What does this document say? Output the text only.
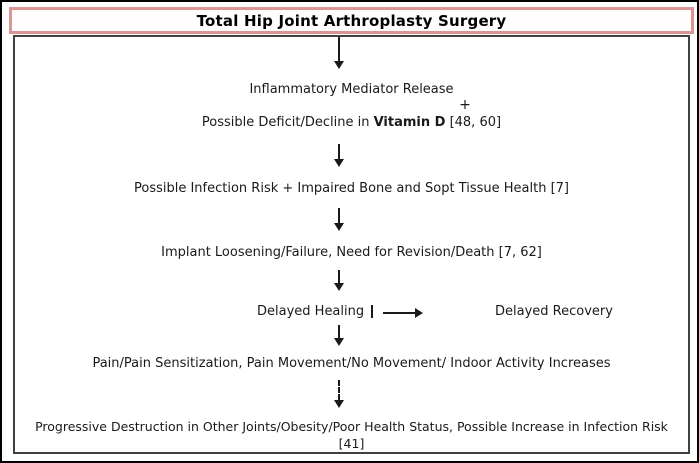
Total Hip Joint Arthroplasty Surgery
Inflammatory Mediator Release
+
Possible Deficit/Decline in Vitamin D [48, 60]
Possible Infection Risk + Impaired Bone and Sopt Tissue Health [7]
Implant Loosening/Failure, Need for Revision/Death [7, 62]
Delayed Healing	Delayed Recovery
Pain/Pain Sensitization, Pain Movement/No Movement/ Indoor Activity Increases
Progressive Destruction in Other Joints/Obesity/Poor Health Status, Possible Increase in Infection Risk
[41]
